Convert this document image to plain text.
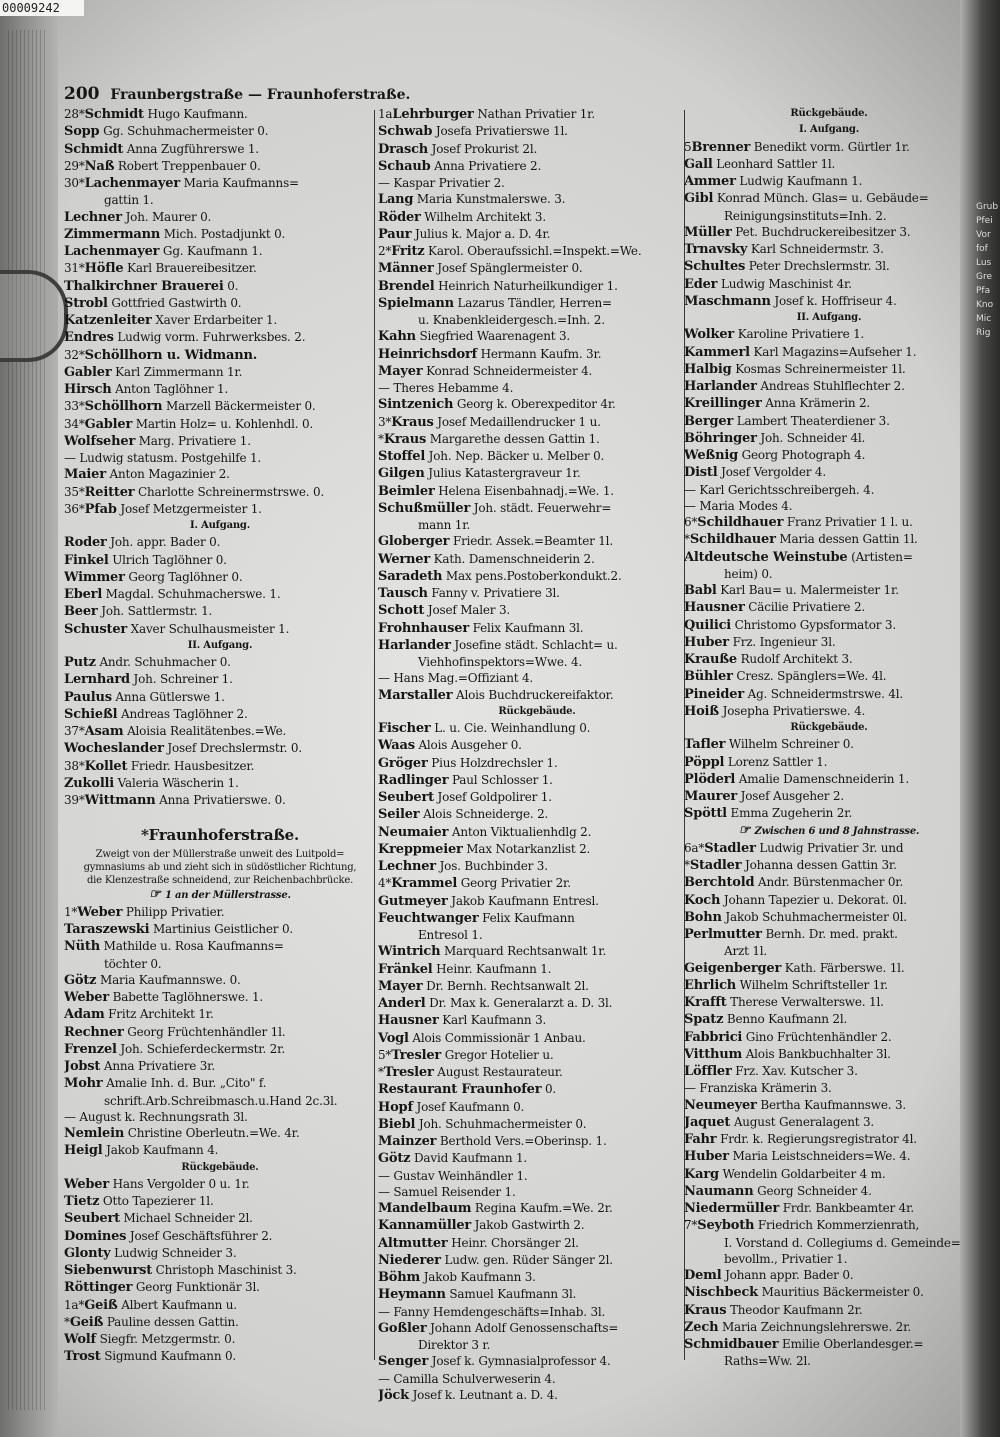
00009242
200 Fraunbergstraße — Fraunhoferstraße.
28*Schmidt Hugo Kaufmann.
Sopp Gg. Schuhmachermeister 0.
Schmidt Anna Zugführerswe 1.
29*Naß Robert Treppenbauer 0.
30*Lachenmayer Maria Kaufmanns=
gattin 1.
Lechner Joh. Maurer 0.
Zimmermann Mich. Postadjunkt 0.
Lachenmayer Gg. Kaufmann 1.
31*Höfle Karl Brauereibesitzer.
Thalkirchner Brauerei 0.
Strobl Gottfried Gastwirth 0.
Katzenleiter Xaver Erdarbeiter 1.
Endres Ludwig vorm. Fuhrwerksbes. 2.
32*Schöllhorn u. Widmann.
Gabler Karl Zimmermann 1r.
Hirsch Anton Taglöhner 1.
33*Schöllhorn Marzell Bäckermeister 0.
34*Gabler Martin Holz= u. Kohlenhdl. 0.
Wolfseher Marg. Privatiere 1.
— Ludwig statusm. Postgehilfe 1.
Maier Anton Magazinier 2.
35*Reitter Charlotte Schreinermstrswe. 0.
36*Pfab Josef Metzgermeister 1.
I. Aufgang.
Roder Joh. appr. Bader 0.
Finkel Ulrich Taglöhner 0.
Wimmer Georg Taglöhner 0.
Eberl Magdal. Schuhmacherswe. 1.
Beer Joh. Sattlermstr. 1.
Schuster Xaver Schulhausmeister 1.
II. Aufgang.
Putz Andr. Schuhmacher 0.
Lernhard Joh. Schreiner 1.
Paulus Anna Gütlerswe 1.
Schießl Andreas Taglöhner 2.
37*Asam Aloisia Realitätenbes.=We.
Wocheslander Josef Drechslermstr. 0.
38*Kollet Friedr. Hausbesitzer.
Zukolli Valeria Wäscherin 1.
39*Wittmann Anna Privatierswe. 0.
*Fraunhoferstraße.
Zweigt von der Müllerstraße unweit des Luitpold=
gymnasiums ab und zieht sich in südöstlicher Richtung,
die Klenzestraße schneidend, zur Reichenbachbrücke.
☞ 1 an der Müllerstrasse.
1*Weber Philipp Privatier.
Taraszewski Martinius Geistlicher 0.
Nüth Mathilde u. Rosa Kaufmanns=
töchter 0.
Götz Maria Kaufmannswe. 0.
Weber Babette Taglöhnerswe. 1.
Adam Fritz Architekt 1r.
Rechner Georg Früchtenhändler 1l.
Frenzel Joh. Schieferdeckermstr. 2r.
Jobst Anna Privatiere 3r.
Mohr Amalie Inh. d. Bur. „Cito" f.
schrift.Arb.Schreibmasch.u.Hand 2c.3l.
— August k. Rechnungsrath 3l.
Nemlein Christine Oberleutn.=We. 4r.
Heigl Jakob Kaufmann 4.
Rückgebäude.
Weber Hans Vergolder 0 u. 1r.
Tietz Otto Tapezierer 1l.
Seubert Michael Schneider 2l.
Domines Josef Geschäftsführer 2.
Glonty Ludwig Schneider 3.
Siebenwurst Christoph Maschinist 3.
Röttinger Georg Funktionär 3l.
1a*Geiß Albert Kaufmann u.
*Geiß Pauline dessen Gattin.
Wolf Siegfr. Metzgermstr. 0.
Trost Sigmund Kaufmann 0.
1aLehrburger Nathan Privatier 1r.
Schwab Josefa Privatierswe 1l.
Drasch Josef Prokurist 2l.
Schaub Anna Privatiere 2.
— Kaspar Privatier 2.
Lang Maria Kunstmalerswe. 3.
Röder Wilhelm Architekt 3.
Paur Julius k. Major a. D. 4r.
2*Fritz Karol. Oberaufssichl.=Inspekt.=We.
Männer Josef Spänglermeister 0.
Brendel Heinrich Naturheilkundiger 1.
Spielmann Lazarus Tändler, Herren=
u. Knabenkleidergesch.=Inh. 2.
Kahn Siegfried Waarenagent 3.
Heinrichsdorf Hermann Kaufm. 3r.
Mayer Konrad Schneidermeister 4.
— Theres Hebamme 4.
Sintzenich Georg k. Oberexpeditor 4r.
3*Kraus Josef Medaillendrucker 1 u.
*Kraus Margarethe dessen Gattin 1.
Stoffel Joh. Nep. Bäcker u. Melber 0.
Gilgen Julius Katastergraveur 1r.
Beimler Helena Eisenbahnadj.=We. 1.
Schußmüller Joh. städt. Feuerwehr=
mann 1r.
Globerger Friedr. Assek.=Beamter 1l.
Werner Kath. Damenschneiderin 2.
Saradeth Max pens.Postoberkondukt.2.
Tausch Fanny v. Privatiere 3l.
Schott Josef Maler 3.
Frohnhauser Felix Kaufmann 3l.
Harlander Josefine städt. Schlacht= u.
Viehhofinspektors=Wwe. 4.
— Hans Mag.=Offiziant 4.
Marstaller Alois Buchdruckereifaktor.
Rückgebäude.
Fischer L. u. Cie. Weinhandlung 0.
Waas Alois Ausgeher 0.
Gröger Pius Holzdrechsler 1.
Radlinger Paul Schlosser 1.
Seubert Josef Goldpolirer 1.
Seiler Alois Schneiderge. 2.
Neumaier Anton Viktualienhdlg 2.
Kreppmeier Max Notarkanzlist 2.
Lechner Jos. Buchbinder 3.
4*Krammel Georg Privatier 2r.
Gutmeyer Jakob Kaufmann Entresl.
Feuchtwanger Felix Kaufmann
Entresol 1.
Wintrich Marquard Rechtsanwalt 1r.
Fränkel Heinr. Kaufmann 1.
Mayer Dr. Bernh. Rechtsanwalt 2l.
Anderl Dr. Max k. Generalarzt a. D. 3l.
Hausner Karl Kaufmann 3.
Vogl Alois Commissionär 1 Anbau.
5*Tresler Gregor Hotelier u.
*Tresler August Restaurateur.
Restaurant Fraunhofer 0.
Hopf Josef Kaufmann 0.
Biebl Joh. Schuhmachermeister 0.
Mainzer Berthold Vers.=Oberinsp. 1.
Götz David Kaufmann 1.
— Gustav Weinhändler 1.
— Samuel Reisender 1.
Mandelbaum Regina Kaufm.=We. 2r.
Kannamüller Jakob Gastwirth 2.
Altmutter Heinr. Chorsänger 2l.
Niederer Ludw. gen. Rüder Sänger 2l.
Böhm Jakob Kaufmann 3.
Heymann Samuel Kaufmann 3l.
— Fanny Hemdengeschäfts=Inhab. 3l.
Goßler Johann Adolf Genossenschafts=
Direktor 3 r.
Senger Josef k. Gymnasialprofessor 4.
— Camilla Schulverweserin 4.
Jöck Josef k. Leutnant a. D. 4.
Rückgebäude.
I. Aufgang.
5Brenner Benedikt vorm. Gürtler 1r.
Gall Leonhard Sattler 1l.
Ammer Ludwig Kaufmann 1.
Gibl Konrad Münch. Glas= u. Gebäude=
Reinigungsinstituts=Inh. 2.
Müller Pet. Buchdruckereibesitzer 3.
Trnavsky Karl Schneidermstr. 3.
Schultes Peter Drechslermstr. 3l.
Eder Ludwig Maschinist 4r.
Maschmann Josef k. Hoffriseur 4.
II. Aufgang.
Wolker Karoline Privatiere 1.
Kammerl Karl Magazins=Aufseher 1.
Halbig Kosmas Schreinermeister 1l.
Harlander Andreas Stuhlflechter 2.
Kreillinger Anna Krämerin 2.
Berger Lambert Theaterdiener 3.
Böhringer Joh. Schneider 4l.
Weßnig Georg Photograph 4.
Distl Josef Vergolder 4.
— Karl Gerichtsschreibergeh. 4.
— Maria Modes 4.
6*Schildhauer Franz Privatier 1 l. u.
*Schildhauer Maria dessen Gattin 1l.
Altdeutsche Weinstube (Artisten=
heim) 0.
Babl Karl Bau= u. Malermeister 1r.
Hausner Cäcilie Privatiere 2.
Quilici Christomo Gypsformator 3.
Huber Frz. Ingenieur 3l.
Krauße Rudolf Architekt 3.
Bühler Cresz. Spänglers=We. 4l.
Pineider Ag. Schneidermstrswe. 4l.
Hoiß Josepha Privatierswe. 4.
Rückgebäude.
Tafler Wilhelm Schreiner 0.
Pöppl Lorenz Sattler 1.
Plöderl Amalie Damenschneiderin 1.
Maurer Josef Ausgeher 2.
Spöttl Emma Zugeherin 2r.
☞ Zwischen 6 und 8 Jahnstrasse.
6a*Stadler Ludwig Privatier 3r. und
*Stadler Johanna dessen Gattin 3r.
Berchtold Andr. Bürstenmacher 0r.
Koch Johann Tapezier u. Dekorat. 0l.
Bohn Jakob Schuhmachermeister 0l.
Perlmutter Bernh. Dr. med. prakt.
Arzt 1l.
Geigenberger Kath. Färberswe. 1l.
Ehrlich Wilhelm Schriftsteller 1r.
Krafft Therese Verwalterswe. 1l.
Spatz Benno Kaufmann 2l.
Fabbrici Gino Früchtenhändler 2.
Vitthum Alois Bankbuchhalter 3l.
Löffler Frz. Xav. Kutscher 3.
— Franziska Krämerin 3.
Neumeyer Bertha Kaufmannswe. 3.
Jaquet August Generalagent 3.
Fahr Frdr. k. Regierungsregistrator 4l.
Huber Maria Leistschneiders=We. 4.
Karg Wendelin Goldarbeiter 4 m.
Naumann Georg Schneider 4.
Niedermüller Frdr. Bankbeamter 4r.
7*Seyboth Friedrich Kommerzienrath,
I. Vorstand d. Collegiums d. Gemeinde=
bevollm., Privatier 1.
Deml Johann appr. Bader 0.
Nischbeck Mauritius Bäckermeister 0.
Kraus Theodor Kaufmann 2r.
Zech Maria Zeichnungslehrerswe. 2r.
Schmidbauer Emilie Oberlandesger.=
Raths=Ww. 2l.
Grub
Pfei
Vor
fof
Lus
Gre
Pfa
Kno
Mic
Rig
